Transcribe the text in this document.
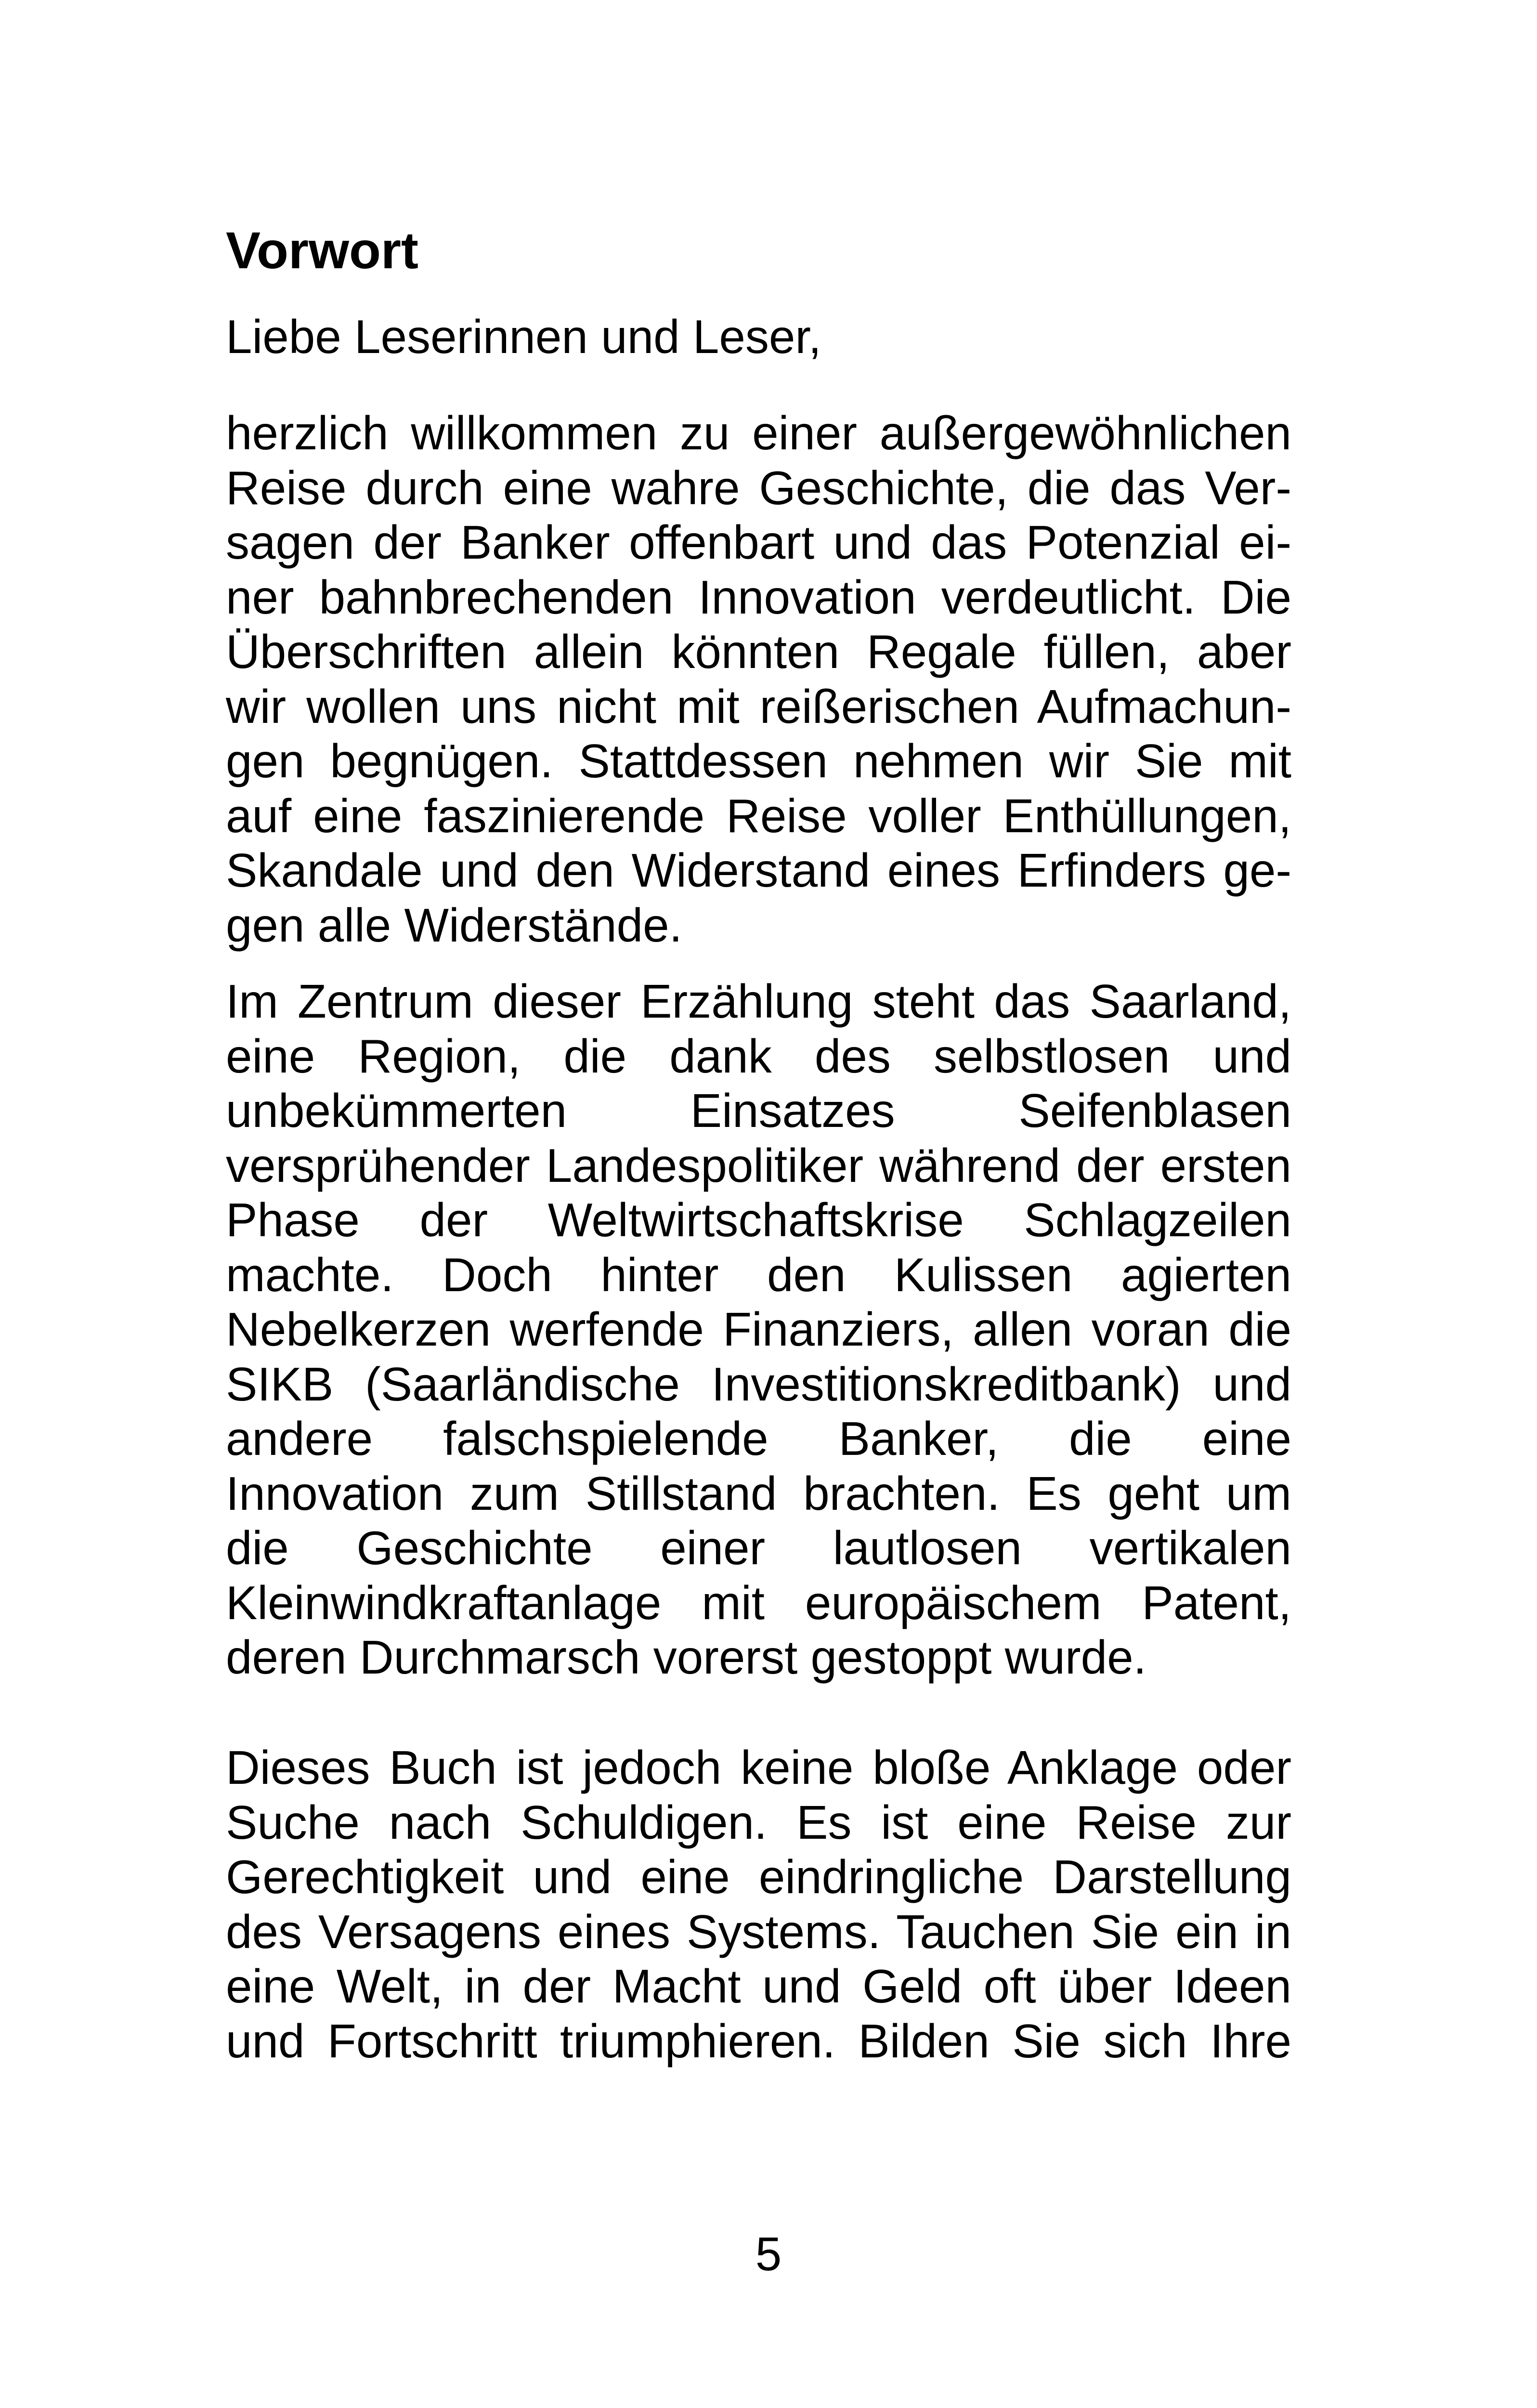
Vorwort

Liebe Leserinnen und Leser,

herzlich willkommen zu einer außergewöhnlichen
Reise durch eine wahre Geschichte, die das Ver-
sagen der Banker offenbart und das Potenzial ei-
ner bahnbrechenden Innovation verdeutlicht. Die
Überschriften allein könnten Regale füllen, aber
wir wollen uns nicht mit reißerischen Aufmachun-
gen begnügen. Stattdessen nehmen wir Sie mit
auf eine faszinierende Reise voller Enthüllungen,
Skandale und den Widerstand eines Erfinders ge-
gen alle Widerstände.
Im Zentrum dieser Erzählung steht das Saarland,
eine Region, die dank des selbstlosen und
unbekümmerten Einsatzes Seifenblasen
versprühender Landespolitiker während der ersten
Phase der Weltwirtschaftskrise Schlagzeilen
machte. Doch hinter den Kulissen agierten
Nebelkerzen werfende Finanziers, allen voran die
SIKB (Saarländische Investitionskreditbank) und
andere falschspielende Banker, die eine
Innovation zum Stillstand brachten. Es geht um
die Geschichte einer lautlosen vertikalen
Kleinwindkraftanlage mit europäischem Patent,
deren Durchmarsch vorerst gestoppt wurde.
Dieses Buch ist jedoch keine bloße Anklage oder
Suche nach Schuldigen. Es ist eine Reise zur
Gerechtigkeit und eine eindringliche Darstellung
des Versagens eines Systems. Tauchen Sie ein in
eine Welt, in der Macht und Geld oft über Ideen
und Fortschritt triumphieren. Bilden Sie sich Ihre

5
